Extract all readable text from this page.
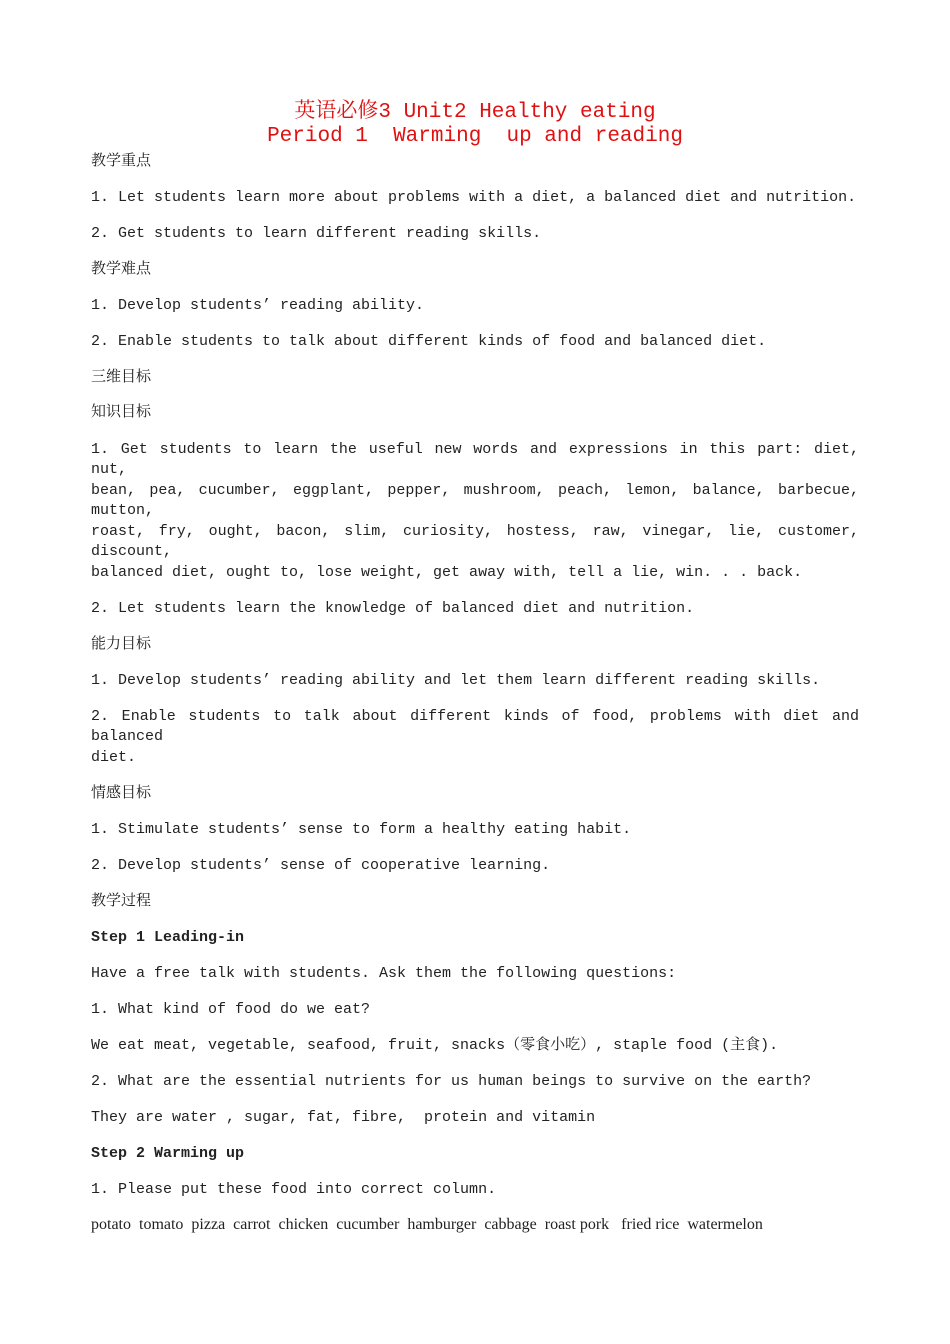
英语必修3 Unit2 Healthy eating
Period 1  Warming  up and reading
教学重点
1. Let students learn more about problems with a diet, a balanced diet and nutrition.
2. Get students to learn different reading skills.
教学难点
1. Develop students’ reading ability.
2. Enable students to talk about different kinds of food and balanced diet.
三维目标
知识目标
1. Get students to learn the useful new words and expressions in this part: diet, nut,
bean, pea, cucumber, eggplant, pepper, mushroom, peach, lemon, balance, barbecue, mutton,
roast, fry, ought, bacon, slim, curiosity, hostess, raw, vinegar, lie, customer, discount,
balanced diet, ought to, lose weight, get away with, tell a lie, win. . . back.
2. Let students learn the knowledge of balanced diet and nutrition.
能力目标
1. Develop students’ reading ability and let them learn different reading skills.
2. Enable students to talk about different kinds of food, problems with diet and balanced
diet.
情感目标
1. Stimulate students’ sense to form a healthy eating habit.
2. Develop students’ sense of cooperative learning.
教学过程
Step 1 Leading-in
Have a free talk with students. Ask them the following questions:
1. What kind of food do we eat?
We eat meat, vegetable, seafood, fruit, snacks（零食小吃）, staple food (主食).
2. What are the essential nutrients for us human beings to survive on the earth?
They are water , sugar, fat, fibre,  protein and vitamin
Step 2 Warming up
1. Please put these food into correct column.
potato  tomato  pizza  carrot  chicken  cucumber  hamburger  cabbage  roast pork   fried rice  watermelon
